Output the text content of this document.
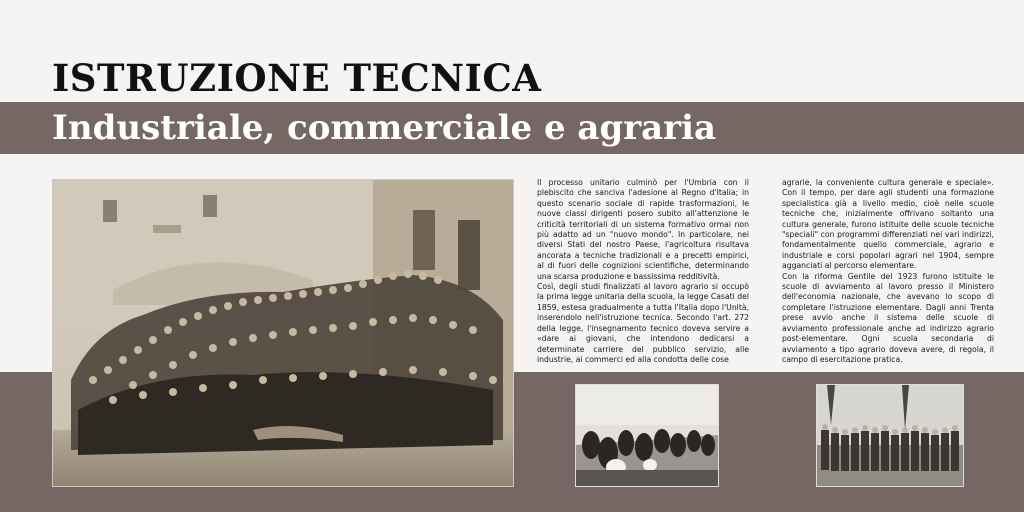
ISTRUZIONE TECNICA
Industriale, commerciale e agraria

Il processo unitario culminò per l'Umbria con il plebiscito che sanciva l'adesione al Regno d'Italia; in questo scenario sociale di rapide trasformazioni, le nuove classi dirigenti posero subito all'attenzione le criticità territoriali di un sistema formativo ormai non più adatto ad un "nuovo mondo". In particolare, nei diversi Stati del nostro Paese, l'agricoltura risultava ancorata a tecniche tradizionali e a precetti empirici, al di fuori delle cognizioni scientifiche, determinando una scarsa produzione e bassissima redditività.

Così, degli studi finalizzati al lavoro agrario si occupò la prima legge unitaria della scuola, la legge Casati del 1859, estesa gradualmente a tutta l'Italia dopo l'Unità, inserendolo nell'istruzione tecnica. Secondo l'art. 272 della legge, l'insegnamento tecnico doveva servire a «dare ai giovani, che intendono dedicarsi a determinate carriere del pubblico servizio, alle industrie, ai commerci ed alla condotta delle cose

agrarie, la conveniente cultura generale e speciale». Con il tempo, per dare agli studenti una formazione specialistica già a livello medio, cioè nelle scuole tecniche che, inizialmente offrivano soltanto una cultura generale, furono istituite delle scuole tecniche "speciali" con programmi differenziati nei vari indirizzi, fondamentalmente quello commerciale, agrario e industriale e corsi popolari agrari nel 1904, sempre agganciati al percorso elementare.

Con la riforma Gentile del 1923 furono istituite le scuole di avviamento al lavoro presso il Ministero dell'economia nazionale, che avevano lo scopo di completare l'istruzione elementare. Dagli anni Trenta prese avvio anche il sistema delle scuole di avviamento professionale anche ad indirizzo agrario post-elementare. Ogni scuola secondaria di avviamento a tipo agrario doveva avere, di regola, il campo di esercitazione pratica.
